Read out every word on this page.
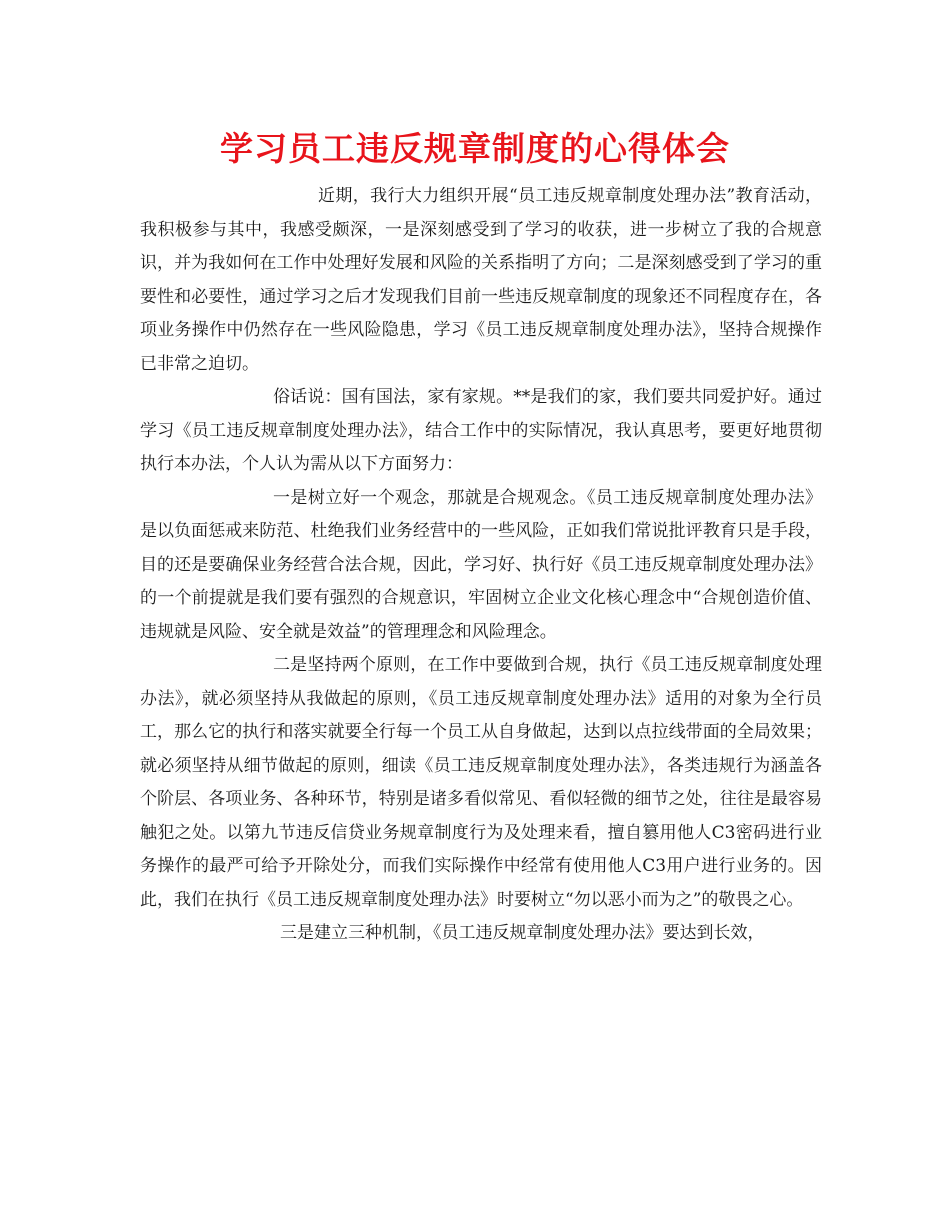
学习员工违反规章制度的心得体会

近期，我行大力组织开展“员工违反规章制度处理办法”教育活动，我积极参与其中，我感受颇深，一是深刻感受到了学习的收获，进一步树立了我的合规意识，并为我如何在工作中处理好发展和风险的关系指明了方向；二是深刻感受到了学习的重要性和必要性，通过学习之后才发现我们目前一些违反规章制度的现象还不同程度存在，各项业务操作中仍然存在一些风险隐患，学习《员工违反规章制度处理办法》，坚持合规操作已非常之迫切。

俗话说：国有国法，家有家规。**是我们的家，我们要共同爱护好。通过学习《员工违反规章制度处理办法》，结合工作中的实际情况，我认真思考，要更好地贯彻执行本办法，个人认为需从以下方面努力：

一是树立好一个观念，那就是合规观念。《员工违反规章制度处理办法》是以负面惩戒来防范、杜绝我们业务经营中的一些风险，正如我们常说批评教育只是手段，目的还是要确保业务经营合法合规，因此，学习好、执行好《员工违反规章制度处理办法》的一个前提就是我们要有强烈的合规意识，牢固树立企业文化核心理念中“合规创造价值、违规就是风险、安全就是效益”的管理理念和风险理念。

二是坚持两个原则，在工作中要做到合规，执行《员工违反规章制度处理办法》，就必须坚持从我做起的原则，《员工违反规章制度处理办法》适用的对象为全行员工，那么它的执行和落实就要全行每一个员工从自身做起，达到以点拉线带面的全局效果；就必须坚持从细节做起的原则，细读《员工违反规章制度处理办法》，各类违规行为涵盖各个阶层、各项业务、各种环节，特别是诸多看似常见、看似轻微的细节之处，往往是最容易触犯之处。以第九节违反信贷业务规章制度行为及处理来看，擅自篡用他人C3密码进行业务操作的最严可给予开除处分，而我们实际操作中经常有使用他人C3用户进行业务的。因此，我们在执行《员工违反规章制度处理办法》时要树立“勿以恶小而为之”的敬畏之心。

三是建立三种机制，《员工违反规章制度处理办法》要达到长效，
